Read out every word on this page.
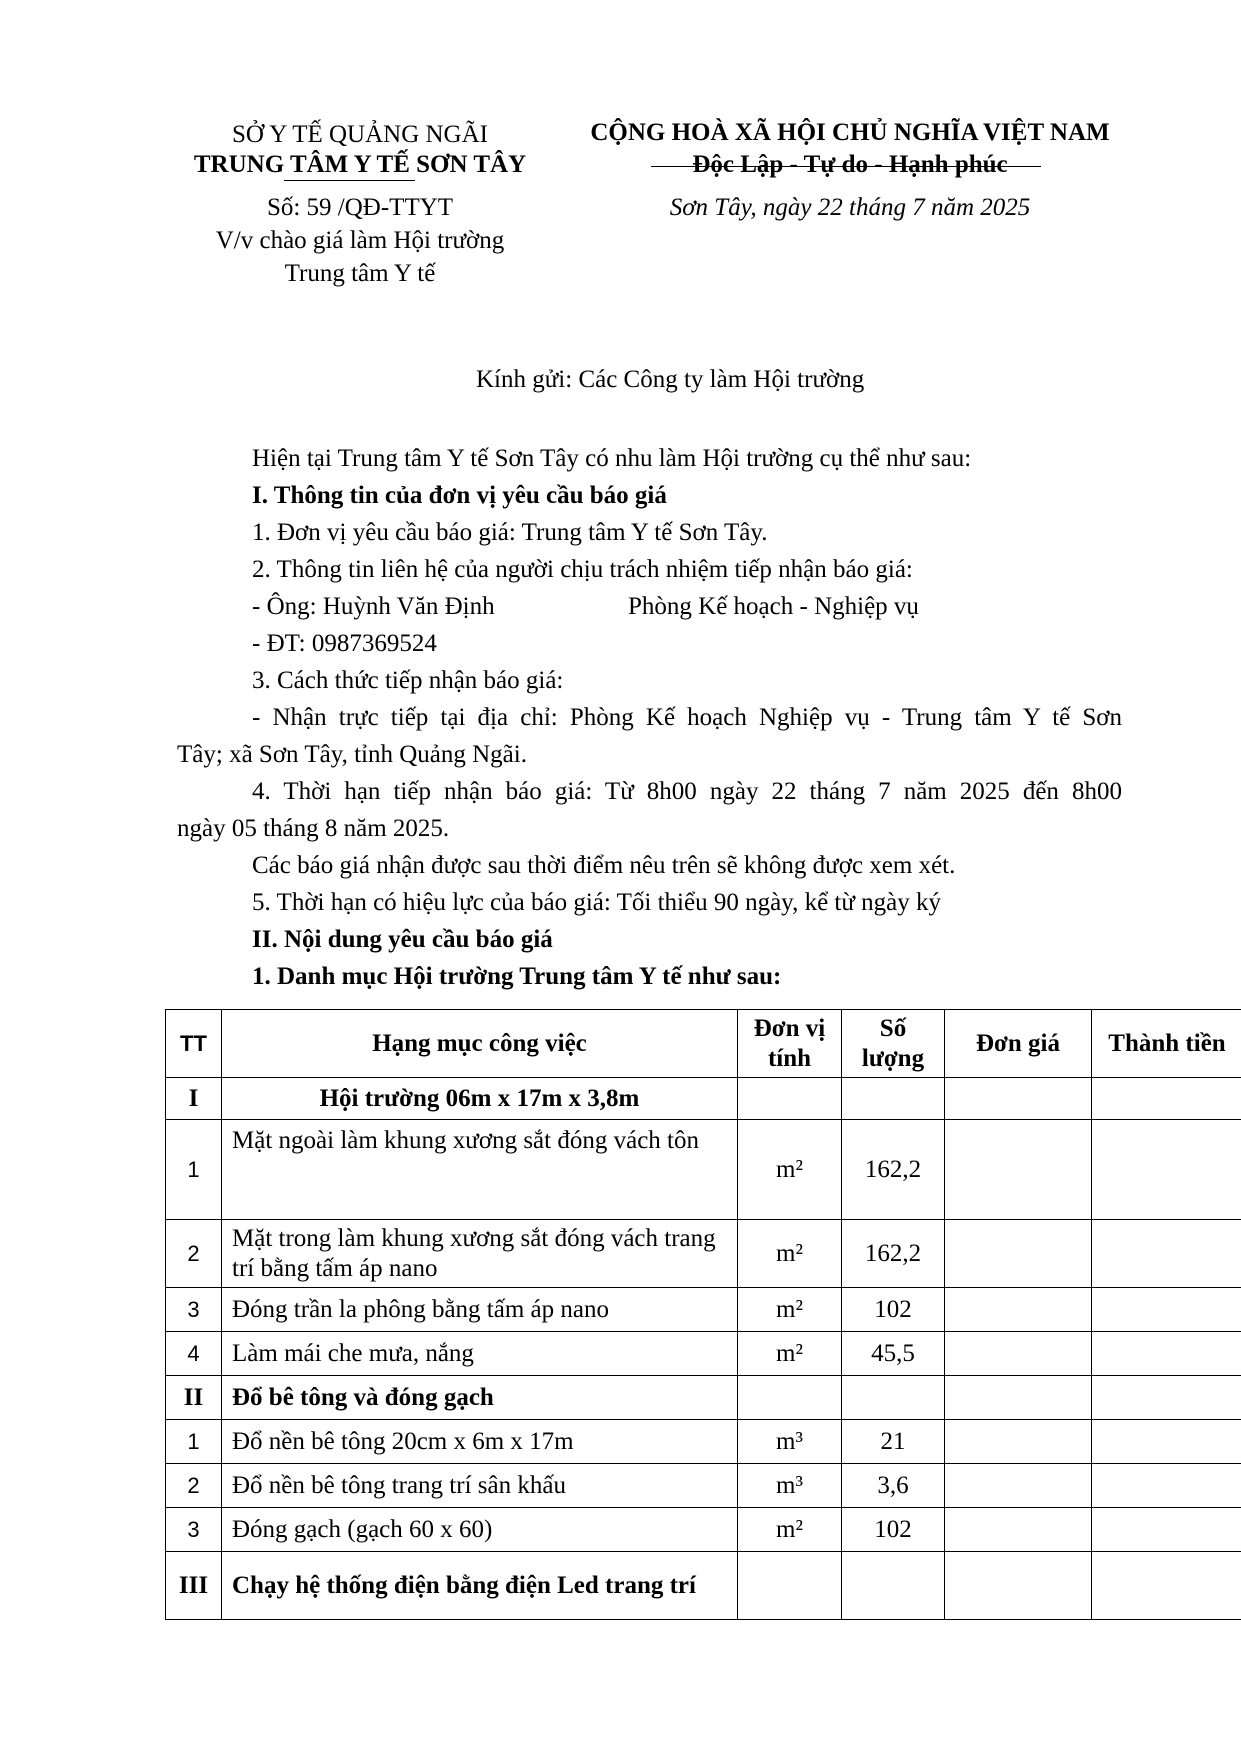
SỞ Y TẾ QUẢNG NGÃI
TRUNG TÂM Y TẾ SƠN TÂY
Số: 59 /QĐ-TTYT
V/v chào giá làm Hội trường
Trung tâm Y tế
CỘNG HOÀ XÃ HỘI CHỦ NGHĨA VIỆT NAM
Độc Lập - Tự do - Hạnh phúc
Sơn Tây, ngày 22 tháng 7 năm 2025
Kính gửi: Các Công ty làm Hội trường
Hiện tại Trung tâm Y tế Sơn Tây có nhu làm Hội trường cụ thể như sau:
I. Thông tin của đơn vị yêu cầu báo giá
1. Đơn vị yêu cầu báo giá: Trung tâm Y tế Sơn Tây.
2. Thông tin liên hệ của người chịu trách nhiệm tiếp nhận báo giá:
- Ông: Huỳnh Văn Định	Phòng Kế hoạch - Nghiệp vụ
- ĐT: 0987369524
3. Cách thức tiếp nhận báo giá:
- Nhận trực tiếp tại địa chỉ: Phòng Kế hoạch Nghiệp vụ - Trung tâm Y tế Sơn
Tây; xã Sơn Tây, tỉnh Quảng Ngãi.
4. Thời hạn tiếp nhận báo giá: Từ 8h00 ngày 22 tháng 7 năm 2025 đến 8h00
ngày 05 tháng 8 năm 2025.
Các báo giá nhận được sau thời điểm nêu trên sẽ không được xem xét.
5. Thời hạn có hiệu lực của báo giá: Tối thiểu 90 ngày, kể từ ngày ký
II. Nội dung yêu cầu báo giá
1. Danh mục Hội trường Trung tâm Y tế như sau:
TT	Hạng mục công việc	Đơn vị tính	Số lượng	Đơn giá	Thành tiền
I	Hội trường 06m x 17m x 3,8m				
1	Mặt ngoài làm khung xương sắt đóng vách tôn	m²	162,2		
2	Mặt trong làm khung xương sắt đóng vách trang trí bằng tấm áp nano	m²	162,2		
3	Đóng trần la phông bằng tấm áp nano	m²	102		
4	Làm mái che mưa, nắng	m²	45,5		
II	Đổ bê tông và đóng gạch				
1	Đổ nền bê tông 20cm x 6m x 17m	m³	21		
2	Đổ nền bê tông trang trí sân khấu	m³	3,6		
3	Đóng gạch (gạch 60 x 60)	m²	102		
III	Chạy hệ thống điện bằng điện Led trang trí				
